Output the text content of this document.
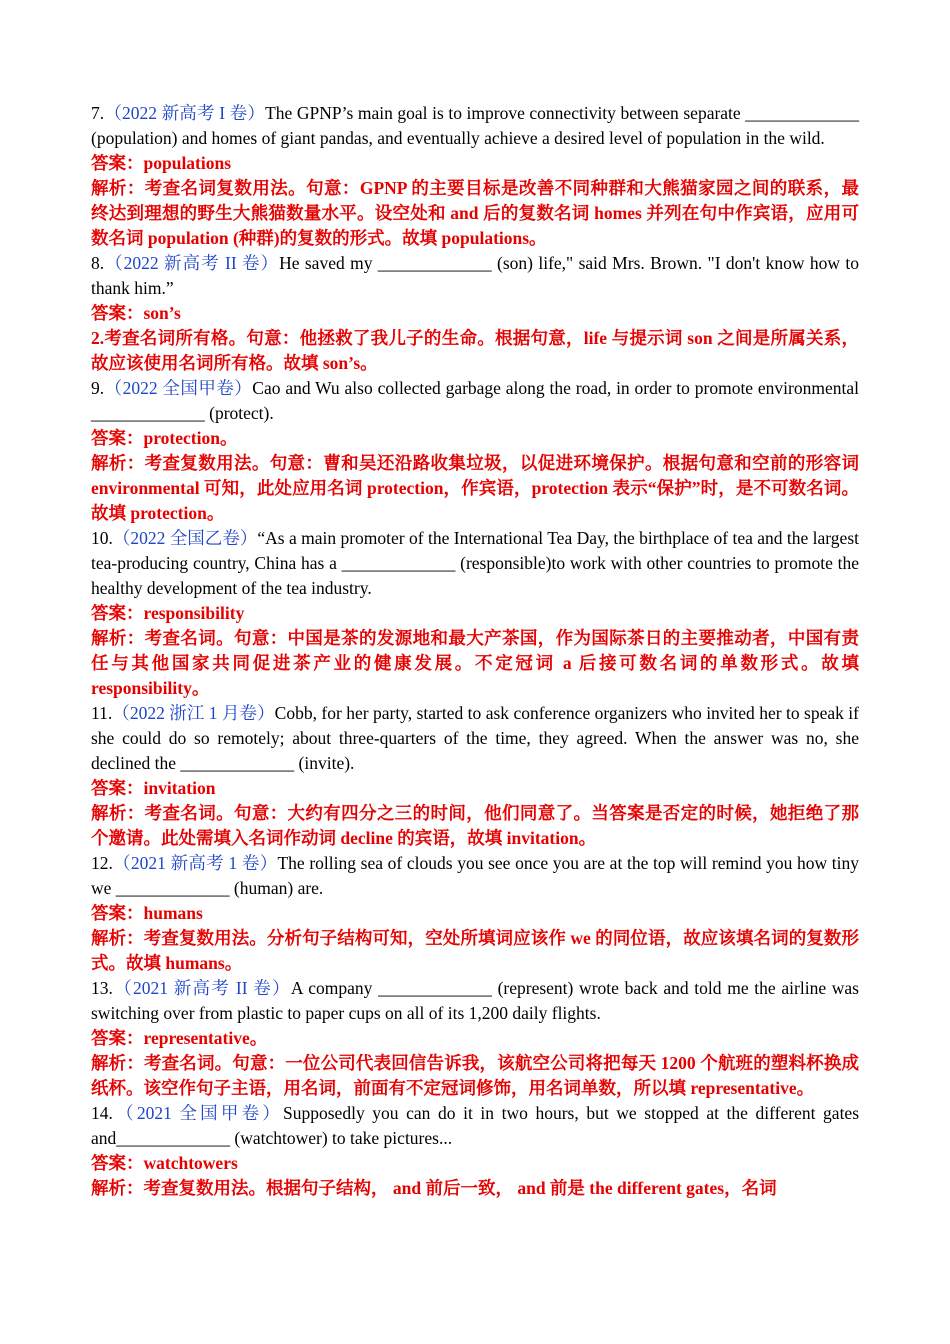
7.（2022 新高考 I 卷）The GPNP’s main goal is to improve connectivity between separate _____________ (population) and homes of giant pandas, and eventually achieve a desired level of population in the wild.
答案：populations
解析：考查名词复数用法。句意：GPNP 的主要目标是改善不同种群和大熊猫家园之间的联系，最终达到理想的野生大熊猫数量水平。设空处和 and 后的复数名词 homes 并列在句中作宾语，应用可数名词 population (种群)的复数的形式。故填 populations。
8.（2022 新高考 II 卷）He saved my _____________ (son) life," said Mrs. Brown. "I don't know how to thank him.”
答案：son’s
2.考查名词所有格。句意：他拯救了我儿子的生命。根据句意，life 与提示词 son 之间是所属关系，故应该使用名词所有格。故填 son’s。
9.（2022 全国甲卷）Cao and Wu also collected garbage along the road, in order to promote environmental _____________ (protect).
答案：protection。
解析：考查复数用法。句意：曹和吴还沿路收集垃圾，以促进环境保护。根据句意和空前的形容词 environmental 可知，此处应用名词 protection，作宾语，protection 表示“保护”时，是不可数名词。故填 protection。
10.（2022 全国乙卷）“As a main promoter of the International Tea Day, the birthplace of tea and the largest tea-producing country, China has a _____________ (responsible)to work with other countries to promote the healthy development of the tea industry.
答案：responsibility
解析：考查名词。句意：中国是茶的发源地和最大产茶国，作为国际茶日的主要推动者，中国有责任与其他国家共同促进茶产业的健康发展。不定冠词 a 后接可数名词的单数形式。故填 responsibility。
11.（2022 浙江 1 月卷）Cobb, for her party, started to ask conference organizers who invited her to speak if she could do so remotely; about three-quarters of the time, they agreed. When the answer was no, she declined the _____________ (invite).
答案：invitation
解析：考查名词。句意：大约有四分之三的时间，他们同意了。当答案是否定的时候，她拒绝了那个邀请。此处需填入名词作动词 decline 的宾语，故填 invitation。
12.（2021 新高考 1 卷）The rolling sea of clouds you see once you are at the top will remind you how tiny we _____________ (human) are.
答案：humans
解析：考查复数用法。分析句子结构可知，空处所填词应该作 we 的同位语，故应该填名词的复数形式。故填 humans。
13.（2021 新高考 II 卷）A company _____________ (represent) wrote back and told me the airline was switching over from plastic to paper cups on all of its 1,200 daily flights.
答案：representative。
解析：考查名词。句意：一位公司代表回信告诉我，该航空公司将把每天 1200 个航班的塑料杯换成纸杯。该空作句子主语，用名词，前面有不定冠词修饰，用名词单数，所以填 representative。
14.（2021 全国甲卷）Supposedly you can do it in two hours, but we stopped at the different gates and_____________ (watchtower) to take pictures...
答案：watchtowers
解析：考查复数用法。根据句子结构， and 前后一致， and 前是 the different gates，名词
